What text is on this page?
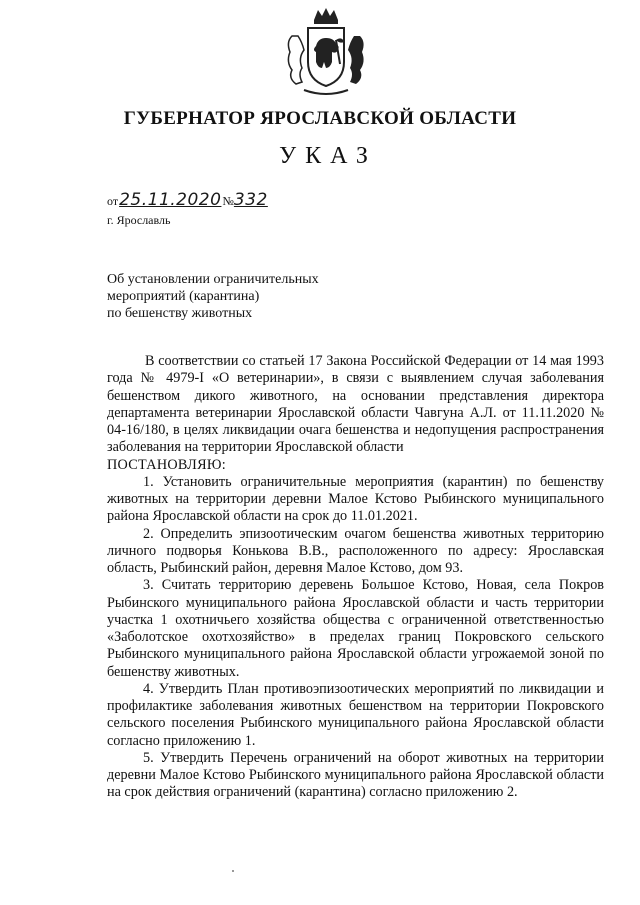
ГУБЕРНАТОР ЯРОСЛАВСКОЙ ОБЛАСТИ
УКАЗ
от25.11.2020№332
г. Ярославль
Об установлении ограничительных
мероприятий (карантина)
по бешенству животных

В соответствии со статьей 17 Закона Российской Федерации от 14 мая 1993 года № 4979-I «О ветеринарии», в связи с выявлением случая заболевания бешенством дикого животного, на основании представления директора департамента ветеринарии Ярославской области Чавгуна А.Л. от 11.11.2020 № 04-16/180, в целях ликвидации очага бешенства и недопущения распространения заболевания на территории Ярославской области

ПОСТАНОВЛЯЮ:

1. Установить ограничительные мероприятия (карантин) по бешенству животных на территории деревни Малое Кстово Рыбинского муниципального района Ярославской области на срок до 11.01.2021.

2. Определить эпизоотическим очагом бешенства животных территорию личного подворья Конькова В.В., расположенного по адресу: Ярославская область, Рыбинский район, деревня Малое Кстово, дом 93.

3. Считать территорию деревень Большое Кстово, Новая, села Покров Рыбинского муниципального района Ярославской области и часть территории участка 1 охотничьего хозяйства общества с ограниченной ответственностью «Заболотское охотхозяйство» в пределах границ Покровского сельского Рыбинского муниципального района Ярославской области угрожаемой зоной по бешенству животных.

4. Утвердить План противоэпизоотических мероприятий по ликвидации и профилактике заболевания животных бешенством на территории Покровского сельского поселения Рыбинского муниципального района Ярославской области согласно приложению 1.

5. Утвердить Перечень ограничений на оборот животных на территории деревни Малое Кстово Рыбинского муниципального района Ярославской области на срок действия ограничений (карантина) согласно приложению 2.
